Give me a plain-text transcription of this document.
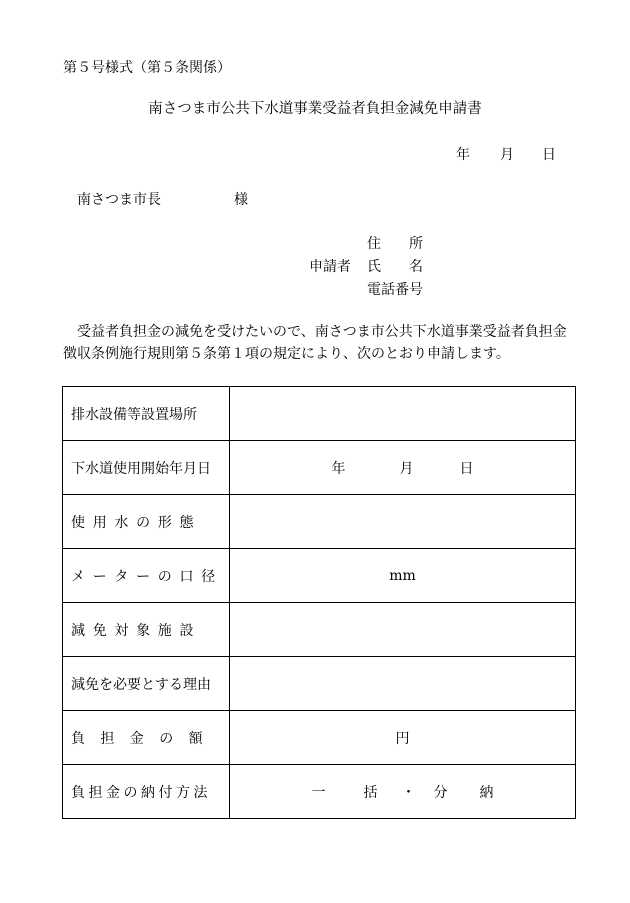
第５号様式（第５条関係）
南さつま市公共下水道事業受益者負担金減免申請書
年 月 日
南さつま市長	様
申請者
住　　所
氏　　名
電話番号
受益者負担金の減免を受けたいので、南さつま市公共下水道事業受益者負担金徴収条例施行規則第５条第１項の規定により、次のとおり申請します。
排水設備等設置場所	
下水道使用開始年月日	年 月 日
使用水の形態	
メーターの口径	mm
減免対象施設	
減免を必要とする理由	
負担金の額	円
負担金の納付方法	一 括 ・ 分 納
